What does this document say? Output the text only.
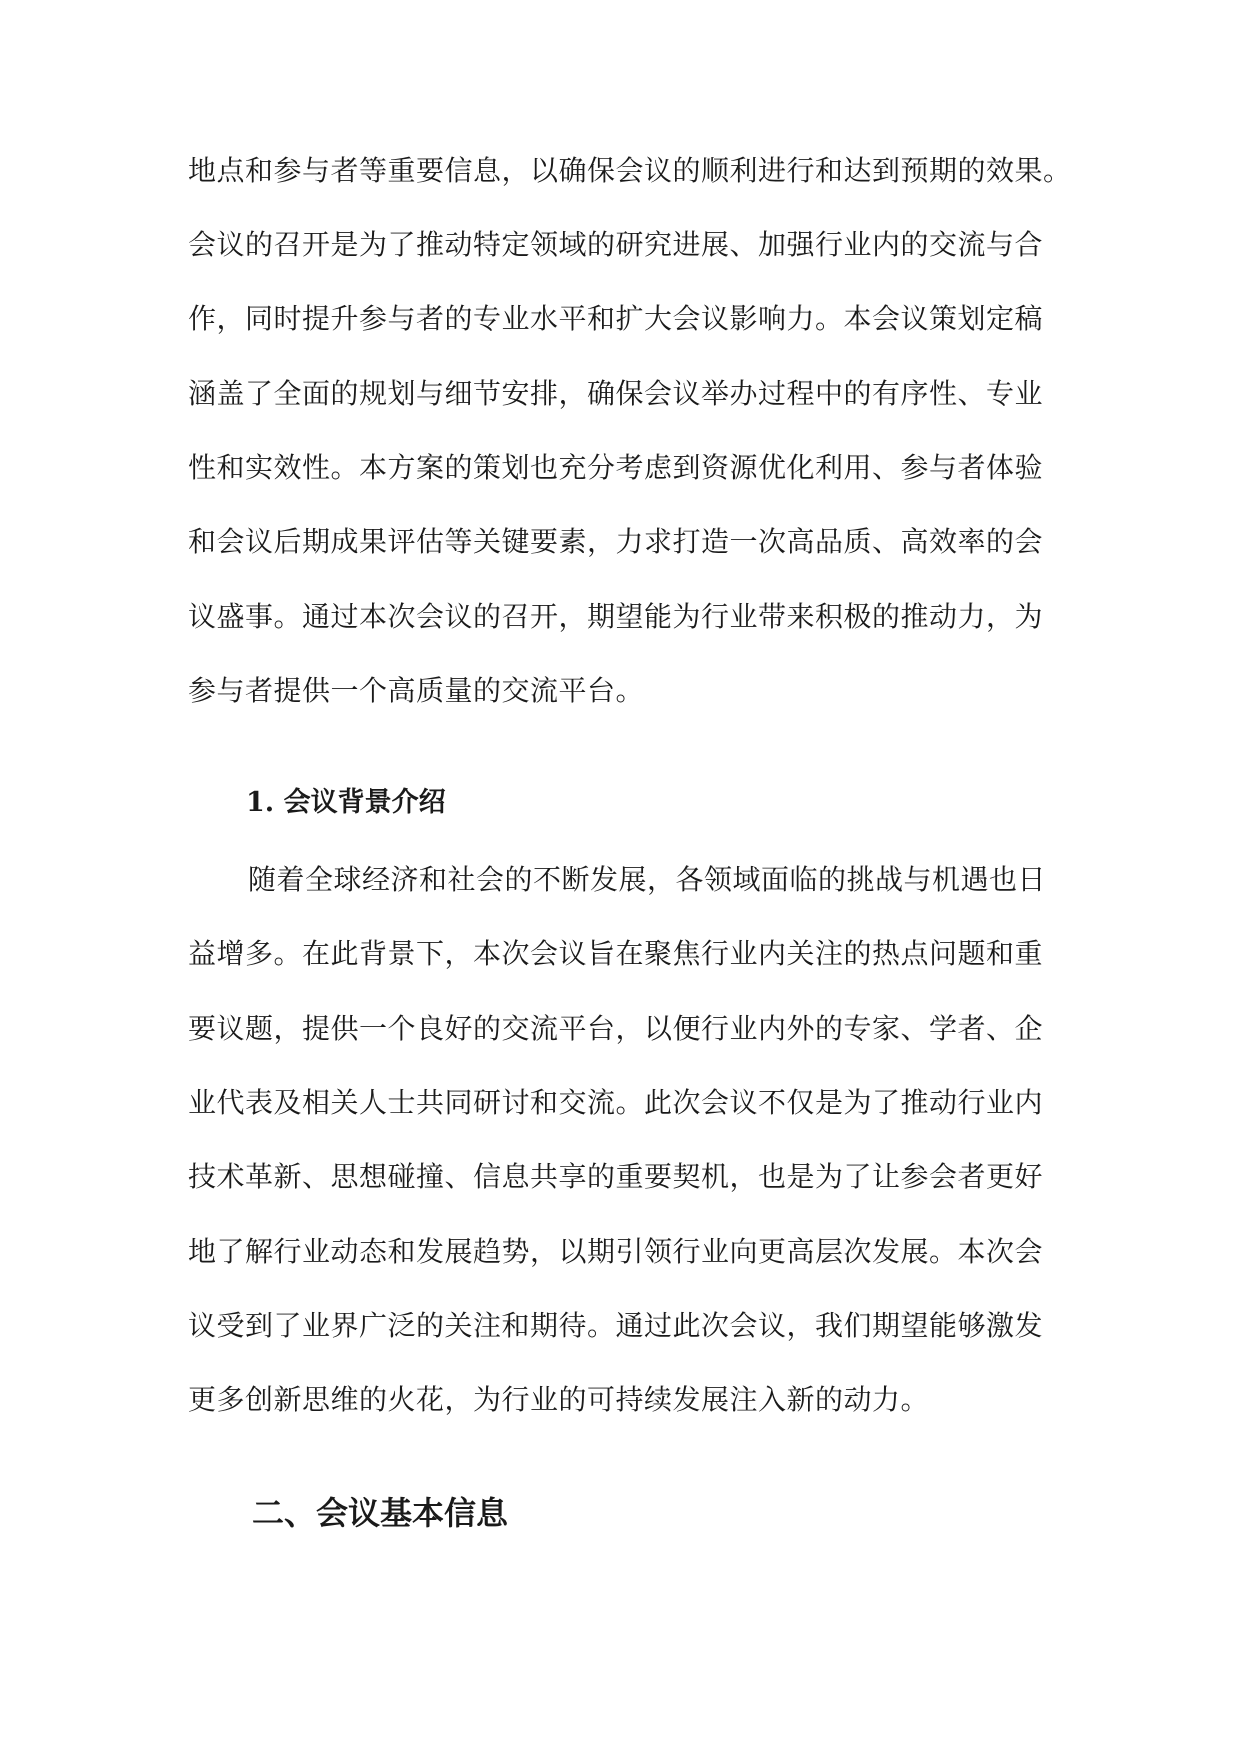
地点和参与者等重要信息，以确保会议的顺利进行和达到预期的效果。
会议的召开是为了推动特定领域的研究进展、加强行业内的交流与合
作，同时提升参与者的专业水平和扩大会议影响力。本会议策划定稿
涵盖了全面的规划与细节安排，确保会议举办过程中的有序性、专业
性和实效性。本方案的策划也充分考虑到资源优化利用、参与者体验
和会议后期成果评估等关键要素，力求打造一次高品质、高效率的会
议盛事。通过本次会议的召开，期望能为行业带来积极的推动力，为
参与者提供一个高质量的交流平台。
1. 会议背景介绍
随着全球经济和社会的不断发展，各领域面临的挑战与机遇也日
益增多。在此背景下，本次会议旨在聚焦行业内关注的热点问题和重
要议题，提供一个良好的交流平台，以便行业内外的专家、学者、企
业代表及相关人士共同研讨和交流。此次会议不仅是为了推动行业内
技术革新、思想碰撞、信息共享的重要契机，也是为了让参会者更好
地了解行业动态和发展趋势，以期引领行业向更高层次发展。本次会
议受到了业界广泛的关注和期待。通过此次会议，我们期望能够激发
更多创新思维的火花，为行业的可持续发展注入新的动力。
二、会议基本信息
